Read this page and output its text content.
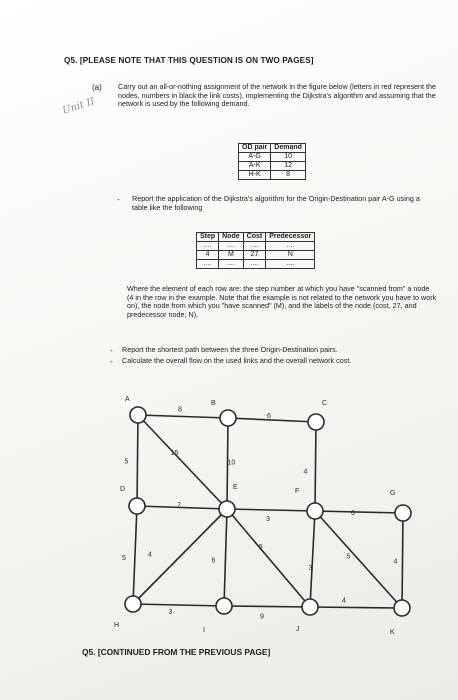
Q5. [PLEASE NOTE THAT THIS QUESTION IS ON TWO PAGES]
(a)
Unit II
Carry out an all-or-nothing assignment of the network in the figure below (letters in red represent the nodes, numbers in black the link costs), implementing the Dijkstra's algorithm and assuming that the network is used by the following demand.
OD pair	Demand
A-G	10
A-K	12
H-K	8
- Report the application of the Dijkstra's algorithm for the Origin-Destination pair A-G using a table like the following
Step	Node	Cost	Predecessor
....	....	....	....
4	M	27	N
....	....	....	....
Where the element of each row are: the step number at which you have "scanned from" a node (4 in the row in the example. Note that the example is not related to the network you have to work on), the node from which you "have scanned" (M), and the labels of the node (cost, 27, and predecessor node, N).
- Report the shortest path between the three Origin-Destination pairs.
- Calculate the overall flow on the used links and the overall network cost.
8
6
5
15
10
4
7
3
6
5	4
6
6
3
5
4
3
9
4
A
B	C
D	E
F	G
H
I	J	K
Q5. [CONTINUED FROM THE PREVIOUS PAGE]
